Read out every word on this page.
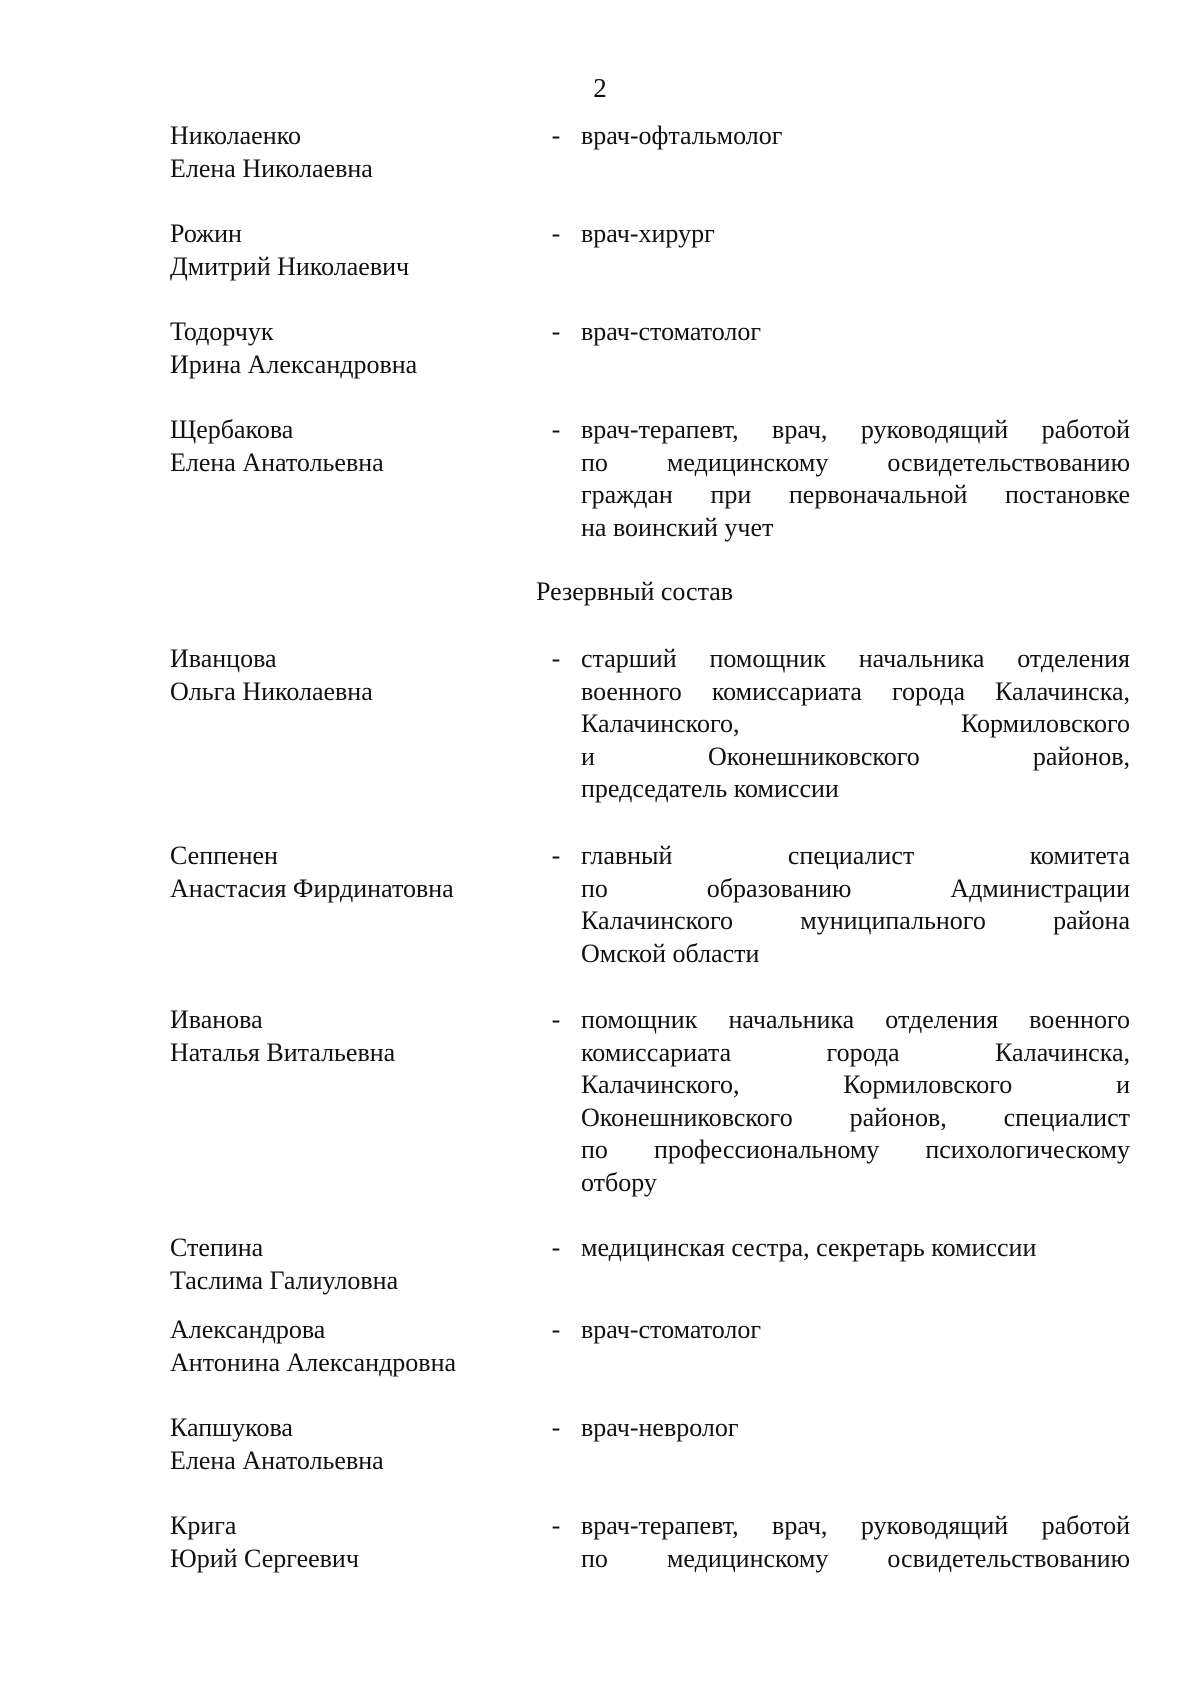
2
Николаенко
Елена Николаевна
- врач-офтальмолог
Рожин
Дмитрий Николаевич
- врач-хирург
Тодорчук
Ирина Александровна
- врач-стоматолог
Щербакова
Елена Анатольевна
- врач-терапевт, врач, руководящий работой
по медицинскому освидетельствованию
граждан при первоначальной постановке
на воинский учет
Резервный состав
Иванцова
Ольга Николаевна
- старший помощник начальника отделения
военного комиссариата города Калачинска,
Калачинского, Кормиловского
и Оконешниковского районов,
председатель комиссии
Сеппенен
Анастасия Фирдинатовна
- главный специалист комитета
по образованию Администрации
Калачинского муниципального района
Омской области
Иванова
Наталья Витальевна
- помощник начальника отделения военного
комиссариата города Калачинска,
Калачинского, Кормиловского и
Оконешниковского районов, специалист
по профессиональному психологическому
отбору
Степина
Таслима Галиуловна
- медицинская сестра, секретарь комиссии
Александрова
Антонина Александровна
- врач-стоматолог
Капшукова
Елена Анатольевна
- врач-невролог
Крига
Юрий Сергеевич
- врач-терапевт, врач, руководящий работой
по медицинскому освидетельствованию
